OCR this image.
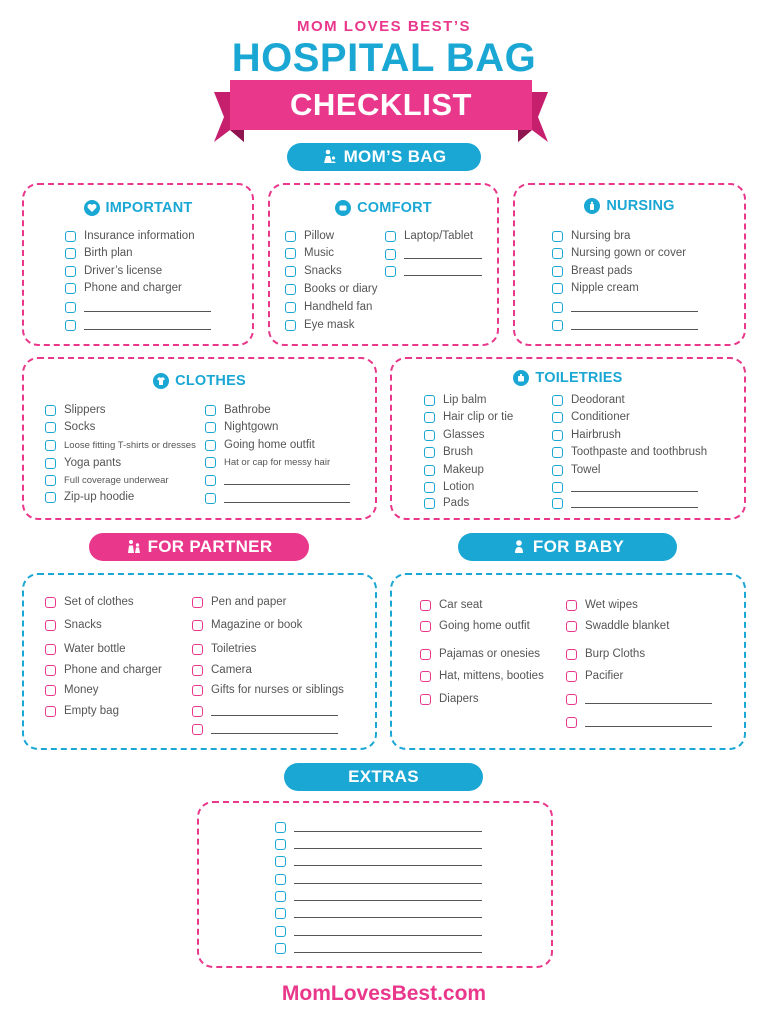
MOM LOVES BEST’S
HOSPITAL BAG
CHECKLIST
MOM’S BAG
IMPORTANT
Insurance information
Birth plan
Driver’s license
Phone and charger
COMFORT
Pillow
Music
Snacks
Books or diary
Handheld fan
Eye mask
Laptop/Tablet
NURSING
Nursing bra
Nursing gown or cover
Breast pads
Nipple cream
CLOTHES
Slippers
Socks
Loose fitting T-shirts or dresses
Yoga pants
Full coverage underwear
Zip-up hoodie
Bathrobe
Nightgown
Going home outfit
Hat or cap for messy hair
TOILETRIES
Lip balm
Hair clip or tie
Glasses
Brush
Makeup
Lotion
Pads
Deodorant
Conditioner
Hairbrush
Toothpaste and toothbrush
Towel
FOR PARTNER	FOR BABY
Set of clothes
Snacks
Water bottle
Phone and charger
Money
Empty bag
Pen and paper
Magazine or book
Toiletries
Camera
Gifts for nurses or siblings
Car seat
Going home outfit
Pajamas or onesies
Hat, mittens, booties
Diapers
Wet wipes
Swaddle blanket
Burp Cloths
Pacifier
EXTRAS
MomLovesBest.com
